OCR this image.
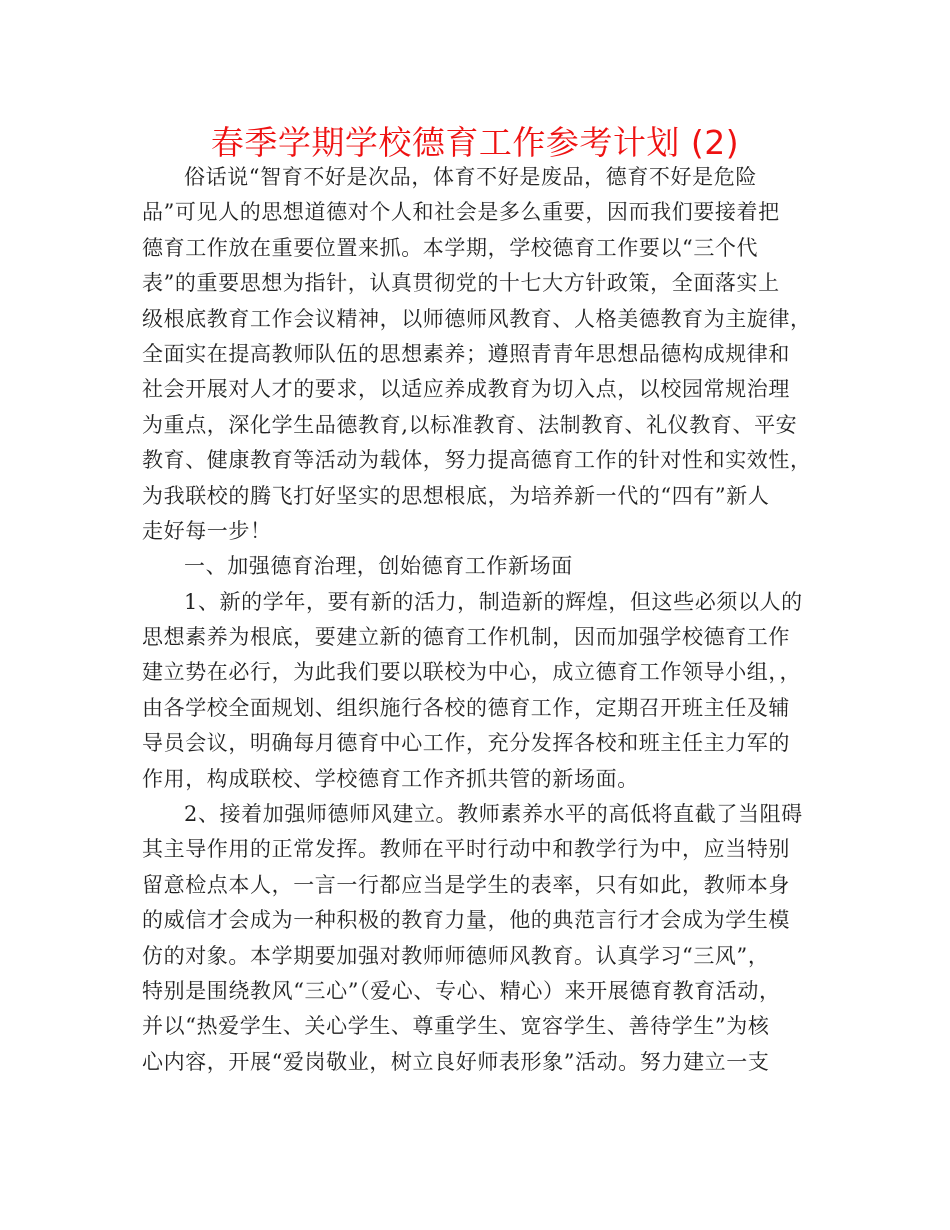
春季学期学校德育工作参考计划 (2)
俗话说“智育不好是次品，体育不好是废品，德育不好是危险
品”可见人的思想道德对个人和社会是多么重要，因而我们要接着把
德育工作放在重要位置来抓。本学期，学校德育工作要以“三个代
表”的重要思想为指针，认真贯彻党的十七大方针政策，全面落实上
级根底教育工作会议精神，以师德师风教育、人格美德教育为主旋律，
全面实在提高教师队伍的思想素养；遵照青青年思想品德构成规律和
社会开展对人才的要求，以适应养成教育为切入点，以校园常规治理
为重点，深化学生品德教育,以标准教育、法制教育、礼仪教育、平安
教育、健康教育等活动为载体，努力提高德育工作的针对性和实效性，
为我联校的腾飞打好坚实的思想根底，为培养新一代的“四有”新人
走好每一步！
一、加强德育治理，创始德育工作新场面
1、新的学年，要有新的活力，制造新的辉煌，但这些必须以人的
思想素养为根底，要建立新的德育工作机制，因而加强学校德育工作
建立势在必行，为此我们要以联校为中心，成立德育工作领导小组，，
由各学校全面规划、组织施行各校的德育工作，定期召开班主任及辅
导员会议，明确每月德育中心工作，充分发挥各校和班主任主力军的
作用，构成联校、学校德育工作齐抓共管的新场面。
2、接着加强师德师风建立。教师素养水平的高低将直截了当阻碍
其主导作用的正常发挥。教师在平时行动中和教学行为中，应当特别
留意检点本人，一言一行都应当是学生的表率，只有如此，教师本身
的威信才会成为一种积极的教育力量，他的典范言行才会成为学生模
仿的对象。本学期要加强对教师师德师风教育。认真学习“三风”，
特别是围绕教风“三心”（爱心、专心、精心）来开展德育教育活动，
并以“热爱学生、关心学生、尊重学生、宽容学生、善待学生”为核
心内容，开展“爱岗敬业，树立良好师表形象”活动。努力建立一支
